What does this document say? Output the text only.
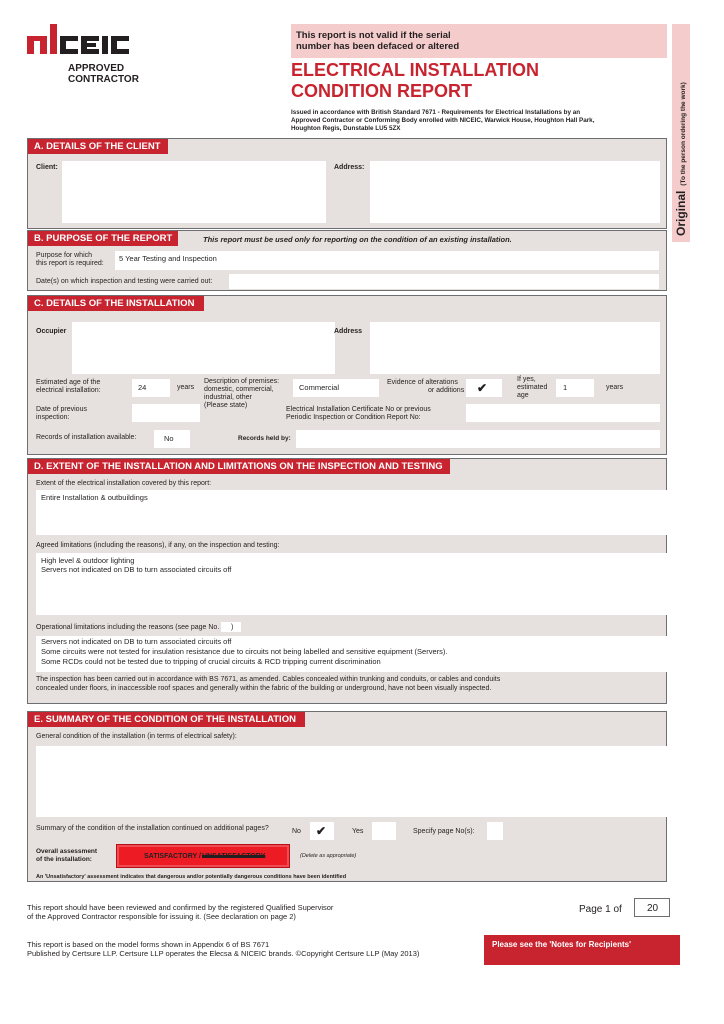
APPROVED
CONTRACTOR
This report is not valid if the serial
number has been defaced or altered
ELECTRICAL INSTALLATION
CONDITION REPORT
Issued in accordance with British Standard 7671 - Requirements for Electrical Installations by an
Approved Contractor or Conforming Body enrolled with NICEIC, Warwick House, Houghton Hall Park,
Houghton Regis, Dunstable LU5 5ZX
Original (To the person ordering the work)
A. DETAILS OF THE CLIENT
Client:	Address:
B. PURPOSE OF THE REPORT	This report must be used only for reporting on the condition of an existing installation.
Purpose for which
this report is required:
5 Year Testing and Inspection
Date(s) on which inspection and testing were carried out:
C. DETAILS OF THE INSTALLATION
Occupier	Address
Estimated age of the
electrical installation:	24	years
Description of premises:
domestic, commercial,
industrial, other
(Please state)
Commercial
Evidence of alterations
or additions ✔
If yes,
estimated
age
1	years
Date of previous
inspection:
Electrical Installation Certificate No or previous
Periodic Inspection or Condition Report No:
Records of installation available:	No	Records held by:
D. EXTENT OF THE INSTALLATION AND LIMITATIONS ON THE INSPECTION AND TESTING
Extent of the electrical installation covered by this report:
Entire Installation & outbuildings
Agreed limitations (including the reasons), if any, on the inspection and testing:
High level & outdoor lighting
Servers not indicated on DB to turn associated circuits off
Operational limitations including the reasons (see page No. )
Servers not indicated on DB to turn associated circuits off
Some circuits were not tested for insulation resistance due to circuits not being labelled and sensitive equipment (Servers).
Some RCDs could not be tested due to tripping of crucial circuits & RCD tripping current discrimination
The inspection has been carried out in accordance with BS 7671, as amended. Cables concealed within trunking and conduits, or cables and conduits
concealed under floors, in inaccessible roof spaces and generally within the fabric of the building or underground, have not been visually inspected.
E. SUMMARY OF THE CONDITION OF THE INSTALLATION
General condition of the installation (in terms of electrical safety):
Summary of the condition of the installation continued on additional pages?	No ✔	Yes	Specify page No(s):
Overall assessment
of the installation:	SATISFACTORY / UNSATISFACTORY	(Delete as appropriate)
An 'Unsatisfactory' assessment indicates that dangerous and/or potentially dangerous conditions have been identified
This report should have been reviewed and confirmed by the registered Qualified Supervisor
of the Approved Contractor responsible for issuing it. (See declaration on page 2)
Page 1 of	20
This report is based on the model forms shown in Appendix 6 of BS 7671
Published by Certsure LLP. Certsure LLP operates the Elecsa & NICEIC brands. ©Copyright Certsure LLP (May 2013)
Please see the 'Notes for Recipients'
